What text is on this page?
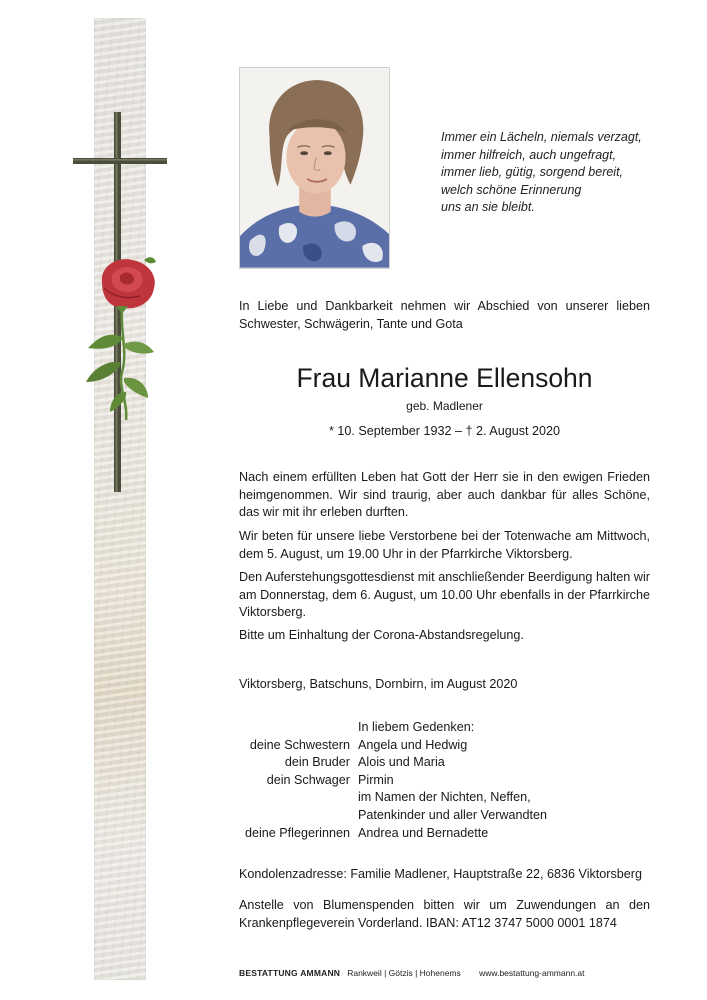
Immer ein Lächeln, niemals verzagt,
immer hilfreich, auch ungefragt,
immer lieb, gütig, sorgend bereit,
welch schöne Erinnerung
uns an sie bleibt.
In Liebe und Dankbarkeit nehmen wir Abschied von unserer lieben Schwester, Schwägerin, Tante und Gota
Frau Marianne Ellensohn
geb. Madlener
* 10. September 1932 – † 2. August 2020
Nach einem erfüllten Leben hat Gott der Herr sie in den ewigen Frieden heimgenommen. Wir sind traurig, aber auch dankbar für alles Schöne, das wir mit ihr erleben durften.
Wir beten für unsere liebe Verstorbene bei der Totenwache am Mittwoch, dem 5. August, um 19.00 Uhr in der Pfarrkirche Viktorsberg.
Den Auferstehungsgottesdienst mit anschließender Beerdigung halten wir am Donnerstag, dem 6. August, um 10.00 Uhr ebenfalls in der Pfarrkirche Viktorsberg.
Bitte um Einhaltung der Corona-Abstandsregelung.
Viktorsberg, Batschuns, Dornbirn, im August 2020
In liebem Gedenken:
deine Schwestern Angela und Hedwig
dein Bruder Alois und Maria
dein Schwager Pirmin
im Namen der Nichten, Neffen,
Patenkinder und aller Verwandten
deine Pflegerinnen Andrea und Bernadette
Kondolenzadresse: Familie Madlener, Hauptstraße 22, 6836 Viktorsberg
Anstelle von Blumenspenden bitten wir um Zuwendungen an den Krankenpflegeverein Vorderland. IBAN: AT12 3747 5000 0001 1874
BESTATTUNG AMMANN Rankweil | Götzis | Hohenems www.bestattung-ammann.at
